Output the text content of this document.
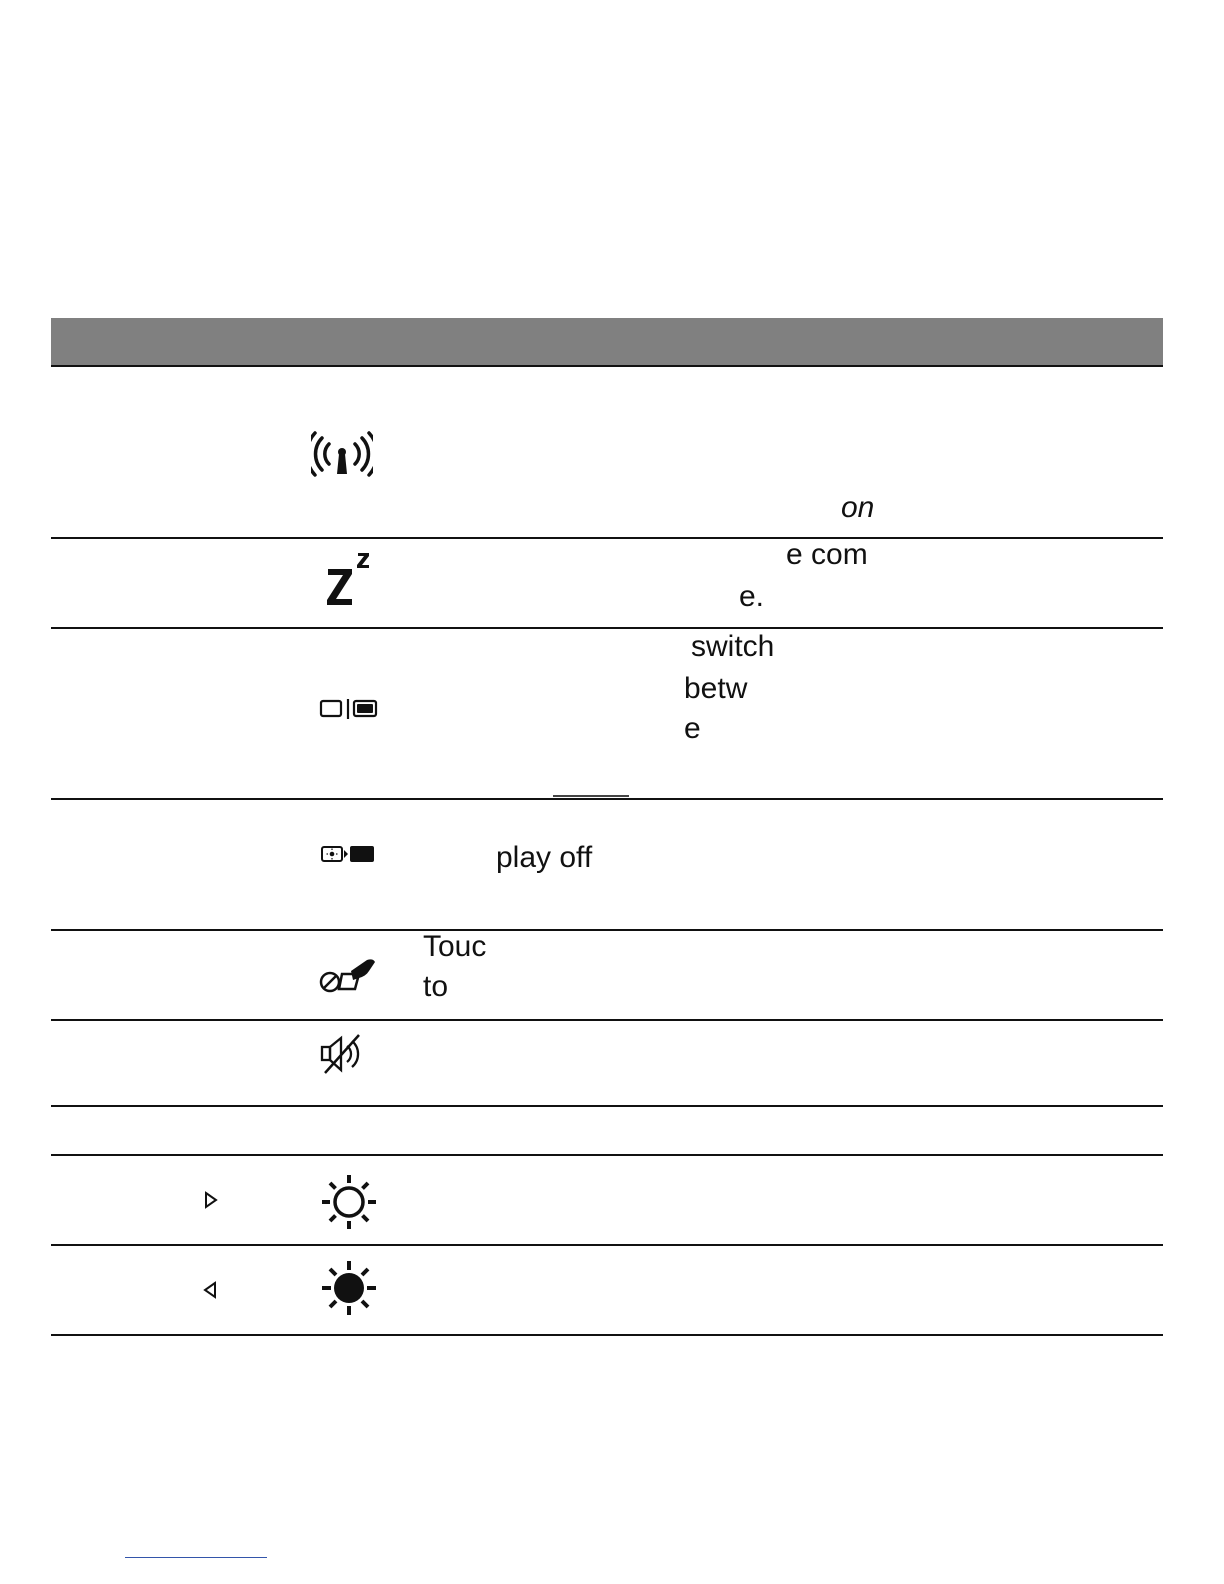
on
e com
e.
switch
betw
e
play off
Touc
to
